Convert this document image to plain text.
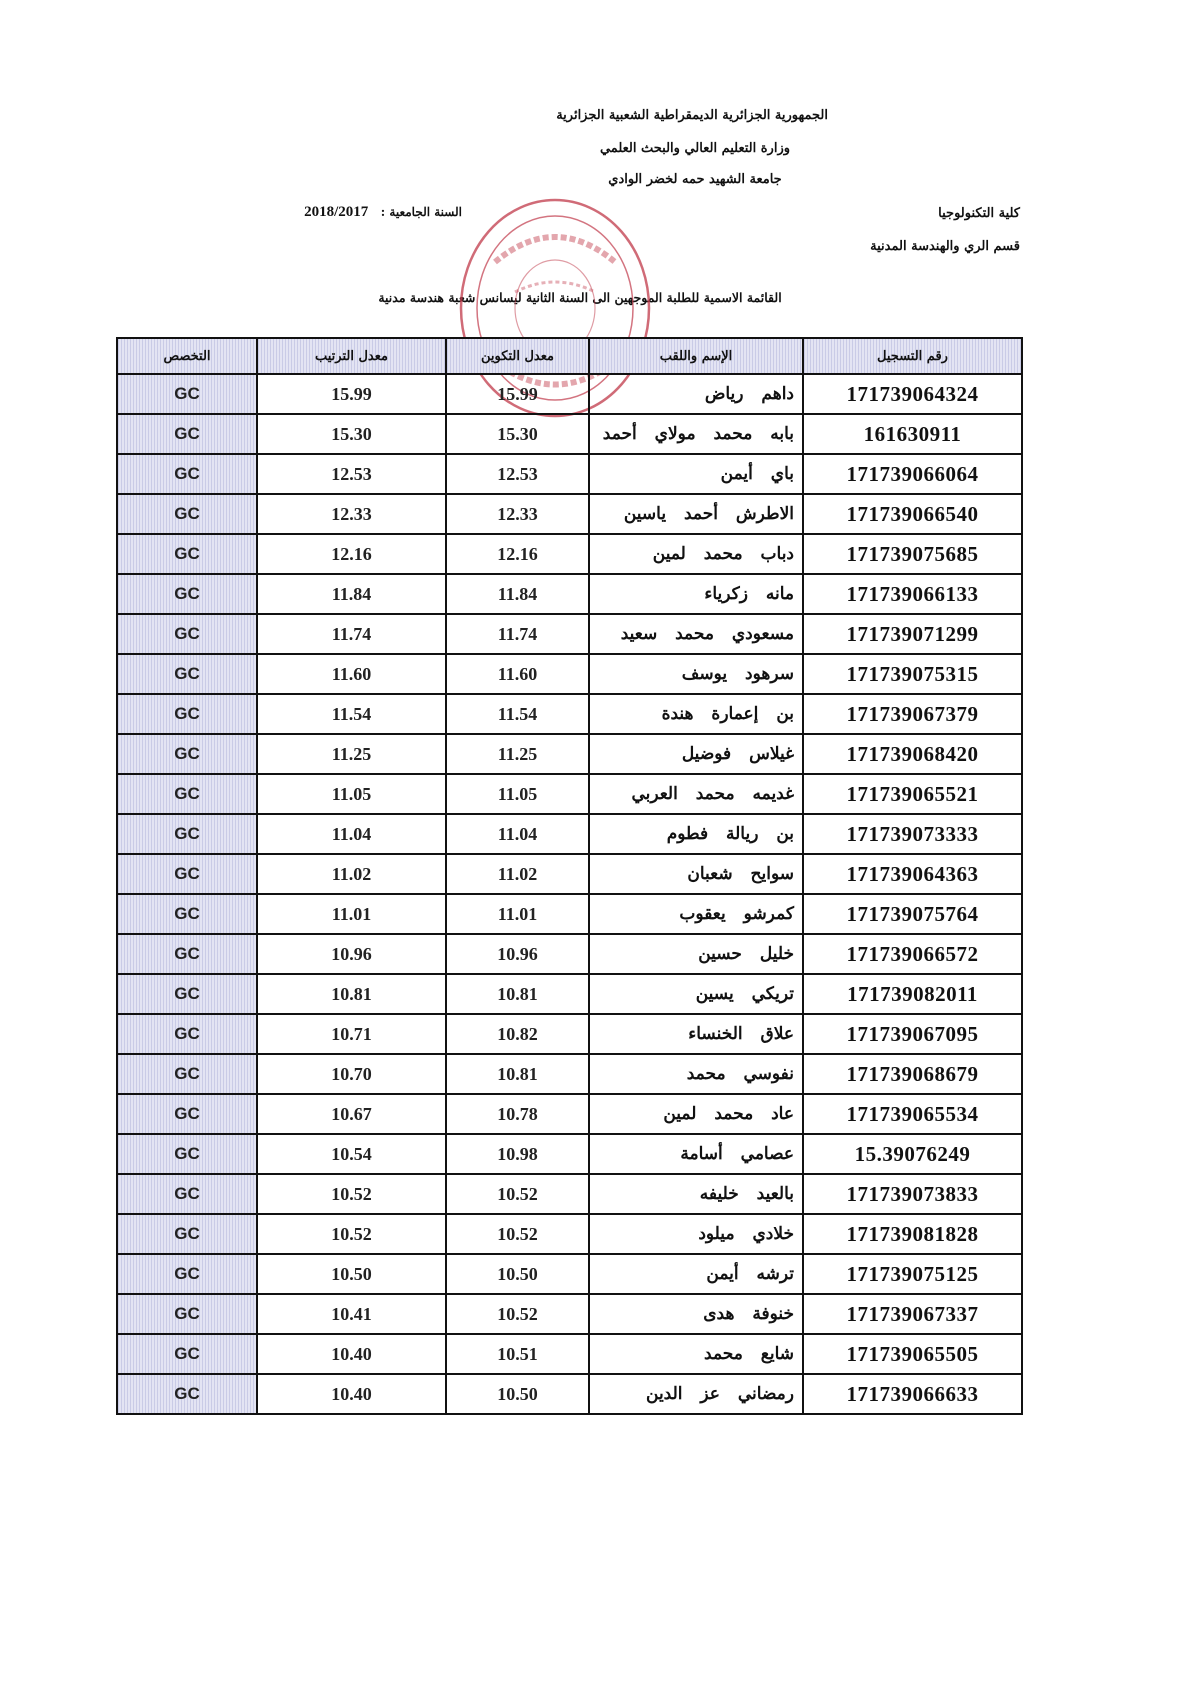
الجمهورية الجزائرية الديمقراطية الشعبية الجزائرية
وزارة التعليم العالي والبحث العلمي
جامعة الشهيد حمه لخضر الوادي
كلية التكنولوجيا
قسم الري والهندسة المدنية
السنة الجامعية : 2018/2017
القائمة الاسمية للطلبة الموجهين الى السنة الثانية ليسانس شعبة هندسة مدنية
التخصص	معدل الترتيب	معدل التكوين	الإسم واللقب	رقم التسجيل
GC	15.99	15.99	داهم رياض	171739064324
GC	15.30	15.30	بابه محمد مولاي أحمد	161630911
GC	12.53	12.53	باي أيمن	171739066064
GC	12.33	12.33	الاطرش أحمد ياسين	171739066540
GC	12.16	12.16	دباب محمد لمين	171739075685
GC	11.84	11.84	مانه زكرياء	171739066133
GC	11.74	11.74	مسعودي محمد سعيد	171739071299
GC	11.60	11.60	سرهود يوسف	171739075315
GC	11.54	11.54	بن إعمارة هندة	171739067379
GC	11.25	11.25	غيلاس فوضيل	171739068420
GC	11.05	11.05	غديمه محمد العربي	171739065521
GC	11.04	11.04	بن ريالة فطوم	171739073333
GC	11.02	11.02	سوايح شعبان	171739064363
GC	11.01	11.01	كمرشو يعقوب	171739075764
GC	10.96	10.96	خليل حسين	171739066572
GC	10.81	10.81	تريكي يسين	171739082011
GC	10.71	10.82	علاق الخنساء	171739067095
GC	10.70	10.81	نفوسي محمد	171739068679
GC	10.67	10.78	عاد محمد لمين	171739065534
GC	10.54	10.98	عصامي أسامة	15.39076249
GC	10.52	10.52	بالعيد خليفه	171739073833
GC	10.52	10.52	خلادي ميلود	171739081828
GC	10.50	10.50	ترشه أيمن	171739075125
GC	10.41	10.52	خنوفة هدى	171739067337
GC	10.40	10.51	شايع محمد	171739065505
GC	10.40	10.50	رمضاني عز الدين	171739066633
